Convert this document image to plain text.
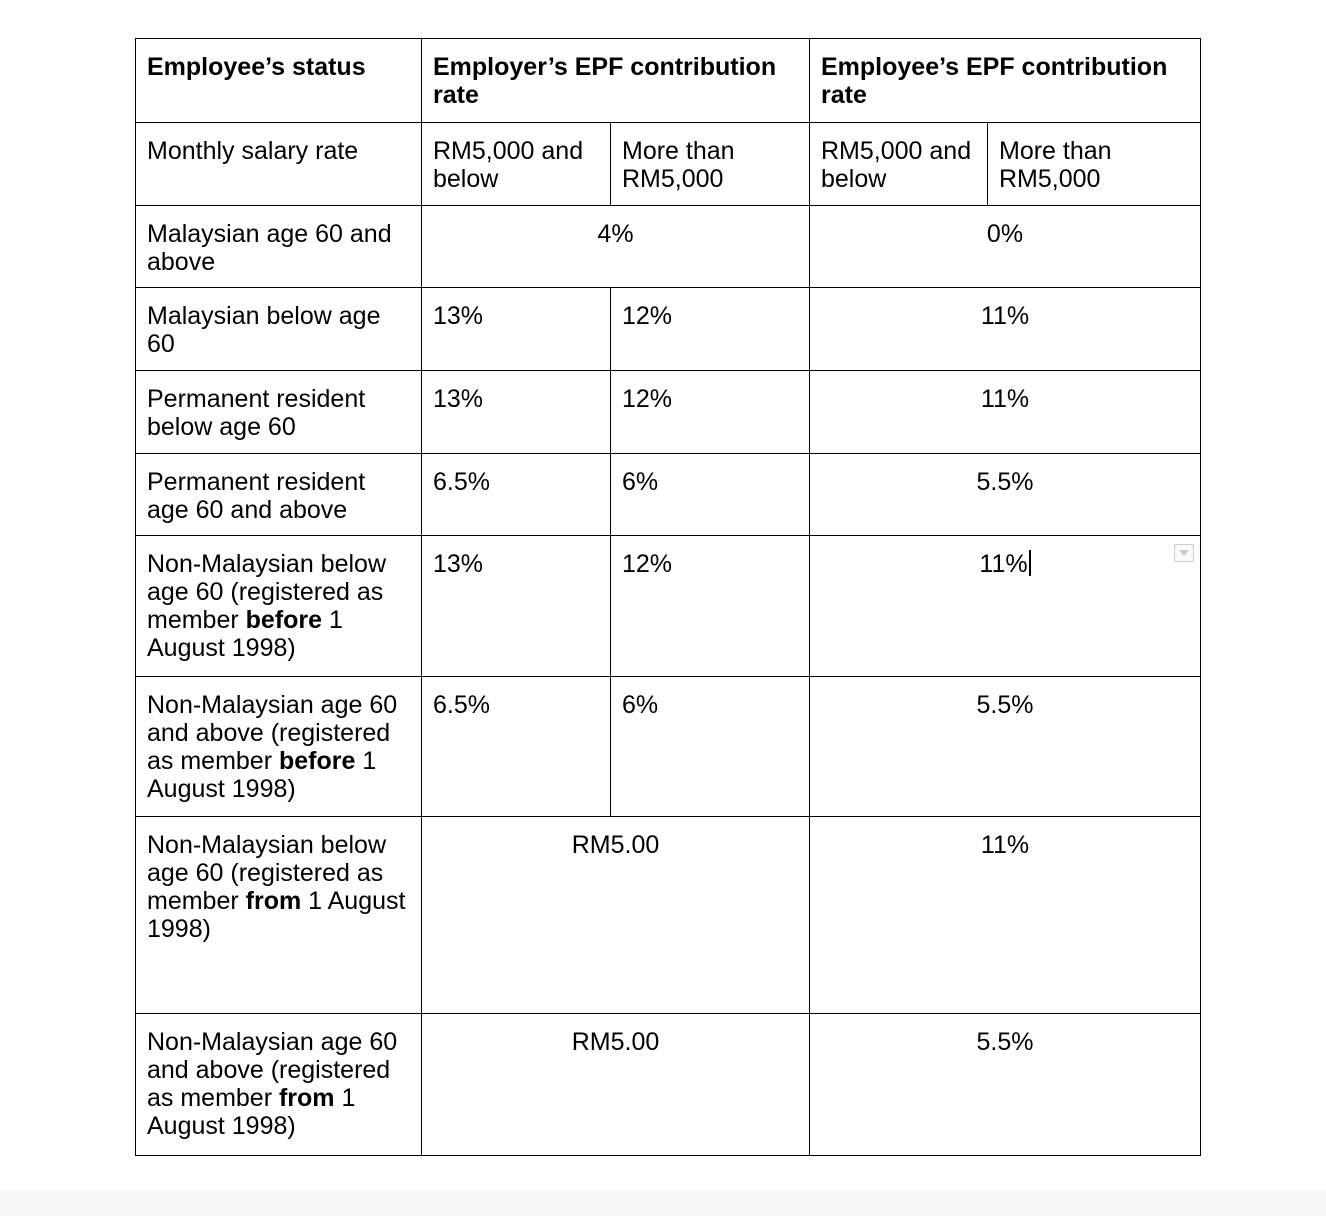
Employee’s status	Employer’s EPF contribution rate		Employee’s EPF contribution rate	
Monthly salary rate	RM5,000 and below	More than RM5,000	RM5,000 and below	More than RM5,000
Malaysian age 60 and above	4%		0%	
Malaysian below age 60	13%	12%	11%	
Permanent resident below age 60	13%	12%	11%	
Permanent resident age 60 and above	6.5%	6%	5.5%	
Non-Malaysian below age 60 (registered as member before 1 August 1998)	13%	12%	11%	

Non-Malaysian age 60 and above (registered as member before 1 August 1998)	6.5%	6%	5.5%	
Non-Malaysian below age 60 (registered as member from 1 August 1998)	RM5.00		11%	
Non-Malaysian age 60 and above (registered as member from 1 August 1998)	RM5.00		5.5%	
